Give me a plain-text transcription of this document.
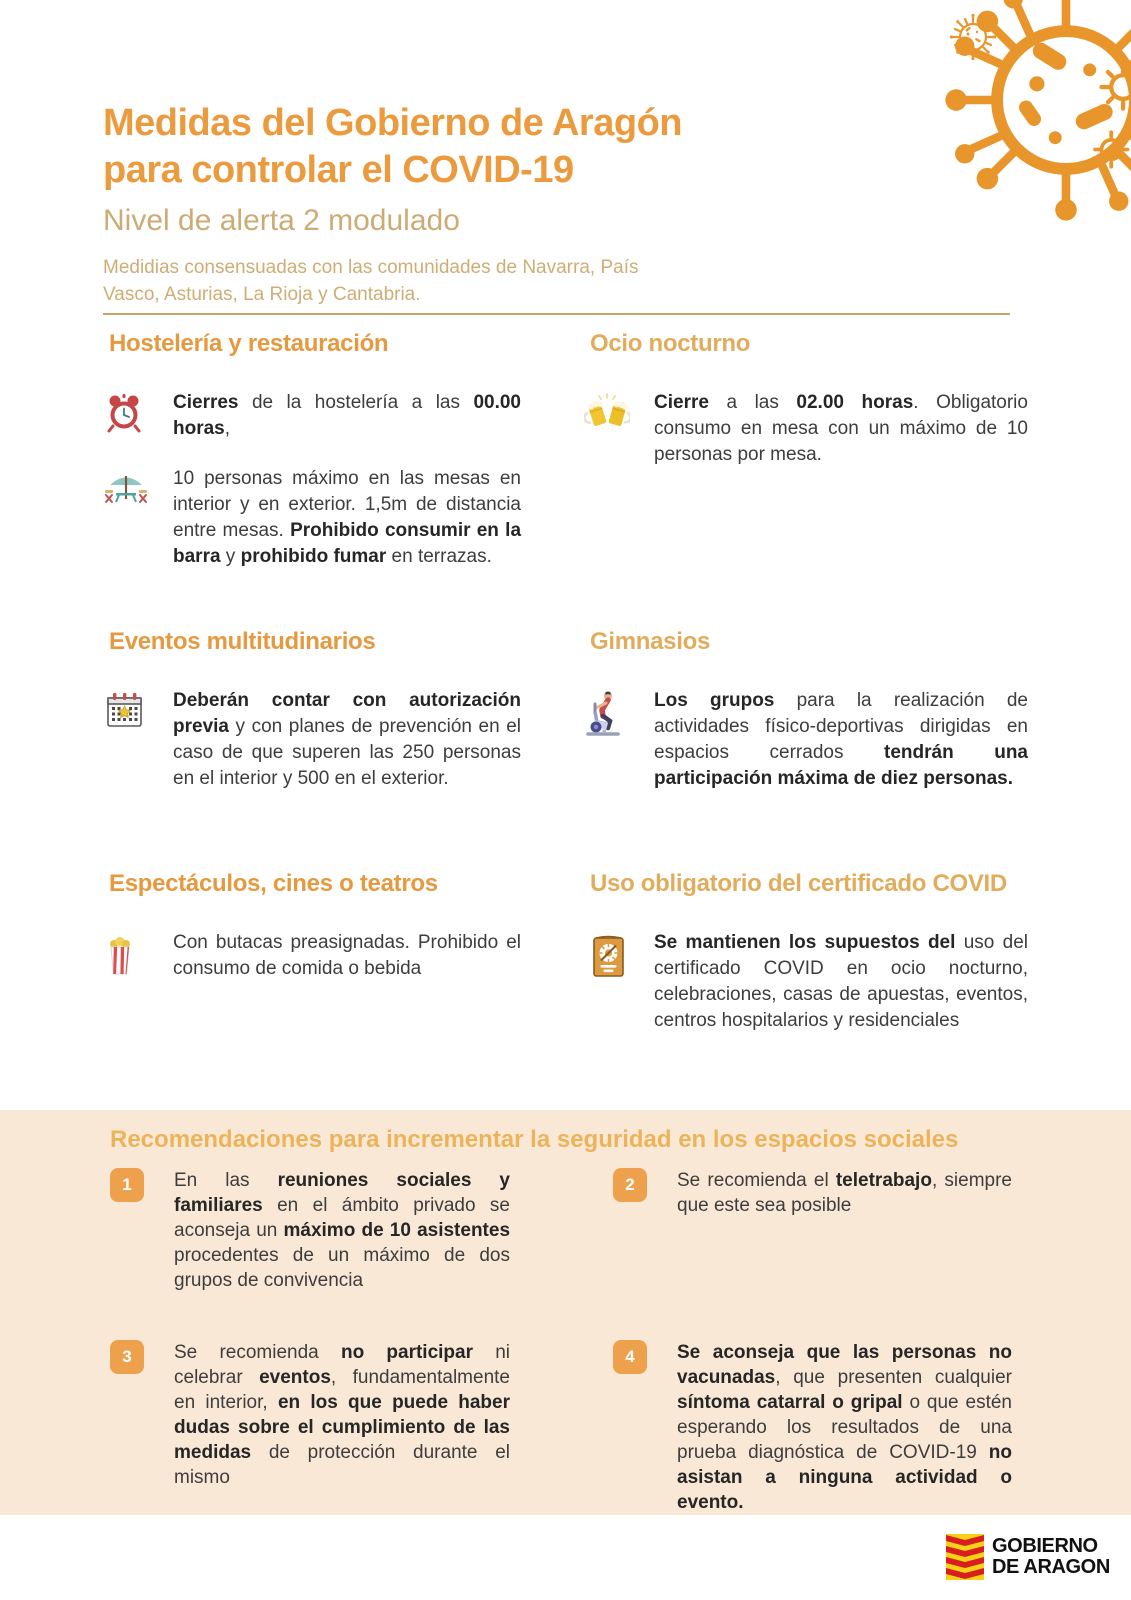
Medidas del Gobierno de Aragón
para controlar el COVID-19
Nivel de alerta 2 modulado
Medidias consensuadas con las comunidades de Navarra, País Vasco, Asturias, La Rioja y Cantabria.
Hostelería y restauración

Cierres de la hostelería a las 00.00 horas,

10 personas máximo en las mesas en interior y en exterior. 1,5m de distancia entre mesas. Prohibido consumir en la barra y prohibido fumar en terrazas.

Ocio nocturno

Cierre a las 02.00 horas. Obligatorio consumo en mesa con un máximo de 10 personas por mesa.

Eventos multitudinarios

Deberán contar con autorización previa y con planes de prevención en el caso de que superen las 250 personas en el interior y 500 en el exterior.

Gimnasios

Los grupos para la realización de actividades físico-deportivas dirigidas en espacios cerrados tendrán una participación máxima de diez personas.

Espectáculos, cines o teatros

Con butacas preasignadas. Prohibido el consumo de comida o bebida

Uso obligatorio del certificado COVID

Se mantienen los supuestos del uso del certificado COVID en ocio nocturno, celebraciones, casas de apuestas, eventos, centros hospitalarios y residenciales

Recomendaciones para incrementar la seguridad en los espacios sociales
1	En las reuniones sociales y familiares en el ámbito privado se aconseja un máximo de 10 asistentes procedentes de un máximo de dos grupos de convivencia

2	Se recomienda el teletrabajo, siempre que este sea posible

3	Se recomienda no participar ni celebrar eventos, fundamentalmente en interior, en los que puede haber dudas sobre el cumplimiento de las medidas de protección durante el mismo

4	Se aconseja que las personas no vacunadas, que presenten cualquier síntoma catarral o gripal o que estén esperando los resultados de una prueba diagnóstica de COVID-19 no asistan a ninguna actividad o evento.

GOBIERNO
DE ARAGON
